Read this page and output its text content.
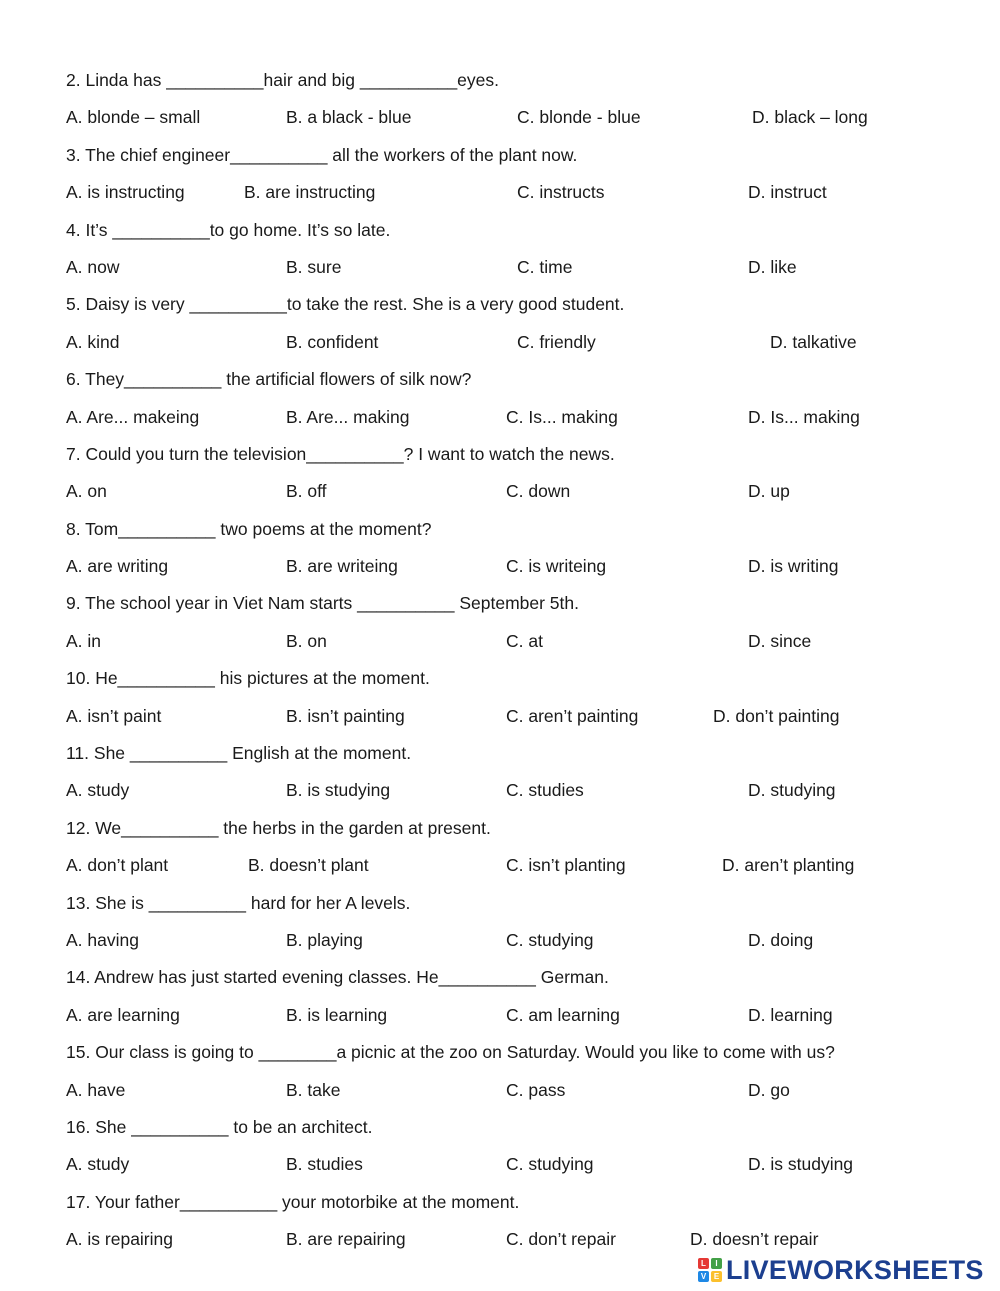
2. Linda has __________hair and big __________eyes.
A. blonde – small	B. a black - blue	C. blonde - blue	D. black – long
3. The chief engineer__________ all the workers of the plant now.
A. is instructing	B. are instructing	C. instructs	D. instruct
4. It’s __________to go home. It’s so late.
A. now	B. sure	C. time	D. like
5. Daisy is very __________to take the rest. She is a very good student.
A. kind	B. confident	C. friendly	D. talkative
6. They__________ the artificial flowers of silk now?
A. Are... makeing	B. Are... making	C. Is... making	D. Is... making
7. Could you turn the television__________? I want to watch the news.
A. on	B. off	C. down	D. up
8. Tom__________ two poems at the moment?
A. are writing	B. are writeing	C. is writeing	D. is writing
9. The school year in Viet Nam starts __________ September 5th.
A. in	B. on	C. at	D. since
10. He__________ his pictures at the moment.
A. isn’t paint	B. isn’t painting	C. aren’t painting	D. don’t painting
11. She __________ English at the moment.
A. study	B. is studying	C. studies	D. studying
12. We__________ the herbs in the garden at present.
A. don’t plant	B. doesn’t plant	C. isn’t planting	D. aren’t planting
13. She is __________ hard for her A levels.
A. having	B. playing	C. studying	D. doing
14. Andrew has just started evening classes. He__________ German.
A. are learning	B. is learning	C. am learning	D. learning
15. Our class is going to ________a picnic at the zoo on Saturday. Would you like to come with us?
A. have	B. take	C. pass	D. go
16. She __________ to be an architect.
A. study	B. studies	C. studying	D. is studying
17. Your father__________ your motorbike at the moment.
A. is repairing	B. are repairing	C. don’t repair	D. doesn’t repair
L	I
V E LIVEWORKSHEETS
